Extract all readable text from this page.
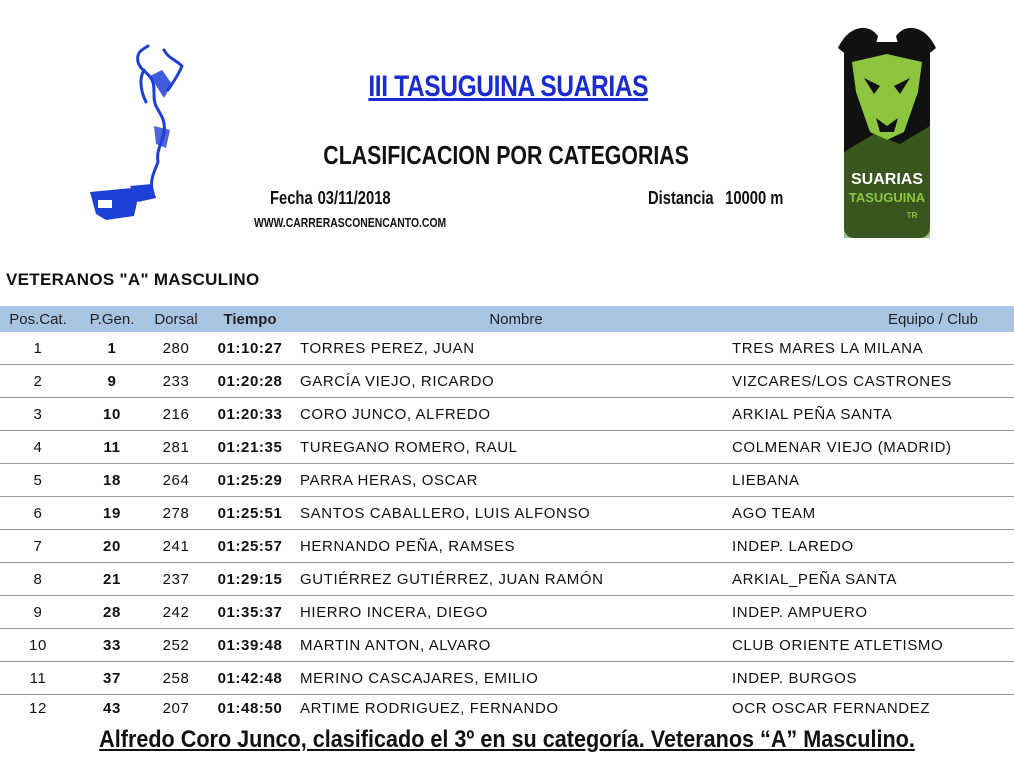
SUARIAS
TASUGUINA
TR
III TASUGUINA SUARIAS
CLASIFICACION POR CATEGORIAS
Fecha 03/11/2018
WWW.CARRERASCONENCANTO.COM
Distancia 10000 m
VETERANOS "A" MASCULINO
Pos.Cat.	P.Gen.	Dorsal	Tiempo	Nombre	Equipo / Club
1	1	280	01:10:27	TORRES PEREZ, JUAN	TRES MARES LA MILANA
2	9	233	01:20:28	GARCÍA VIEJO, RICARDO	VIZCARES/LOS CASTRONES
3	10	216	01:20:33	CORO JUNCO, ALFREDO	ARKIAL PEÑA SANTA
4	11	281	01:21:35	TUREGANO ROMERO, RAUL	COLMENAR VIEJO (MADRID)
5	18	264	01:25:29	PARRA HERAS, OSCAR	LIEBANA
6	19	278	01:25:51	SANTOS CABALLERO, LUIS ALFONSO	AGO TEAM
7	20	241	01:25:57	HERNANDO PEÑA, RAMSES	INDEP. LAREDO
8	21	237	01:29:15	GUTIÉRREZ GUTIÉRREZ, JUAN RAMÓN	ARKIAL_PEÑA SANTA
9	28	242	01:35:37	HIERRO INCERA, DIEGO	INDEP. AMPUERO
10	33	252	01:39:48	MARTIN ANTON, ALVARO	CLUB ORIENTE ATLETISMO
11	37	258	01:42:48	MERINO CASCAJARES, EMILIO	INDEP. BURGOS
12	43	207	01:48:50	ARTIME RODRIGUEZ, FERNANDO	OCR OSCAR FERNANDEZ
Alfredo Coro Junco, clasificado el 3º en su categoría. Veteranos “A” Masculino.
